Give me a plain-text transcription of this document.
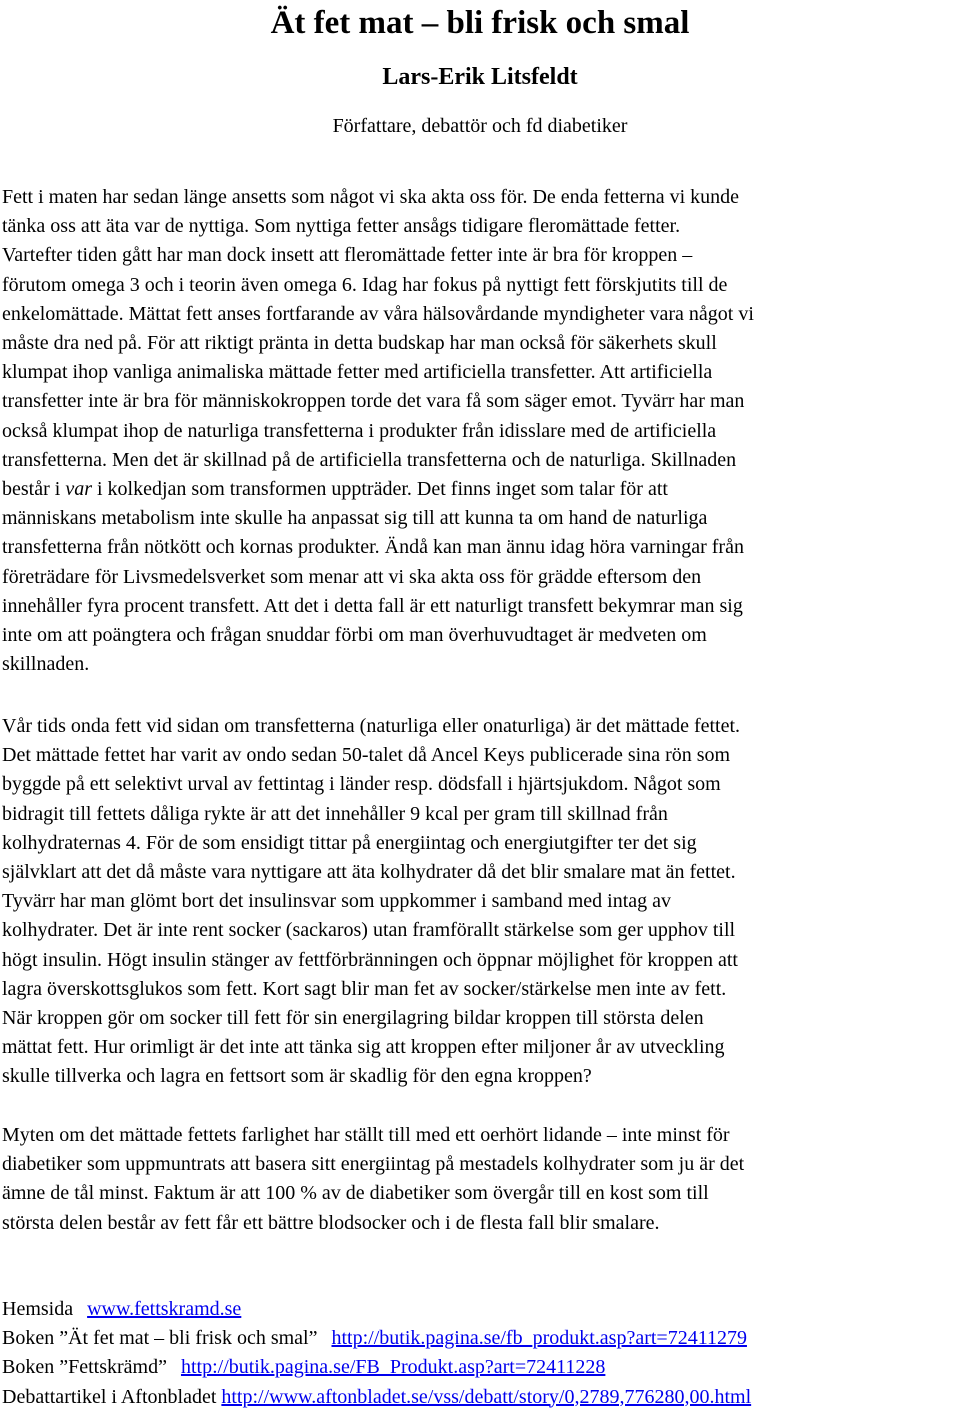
Ät fet mat – bli frisk och smal
Lars-Erik Litsfeldt
Författare, debattör och fd diabetiker
Fett i maten har sedan länge ansetts som något vi ska akta oss för. De enda fetterna vi kunde
tänka oss att äta var de nyttiga. Som nyttiga fetter ansågs tidigare fleromättade fetter.
Vartefter tiden gått har man dock insett att fleromättade fetter inte är bra för kroppen –
förutom omega 3 och i teorin även omega 6. Idag har fokus på nyttigt fett förskjutits till de
enkelomättade. Mättat fett anses fortfarande av våra hälsovårdande myndigheter vara något vi
måste dra ned på. För att riktigt pränta in detta budskap har man också för säkerhets skull
klumpat ihop vanliga animaliska mättade fetter med artificiella transfetter. Att artificiella
transfetter inte är bra för människokroppen torde det vara få som säger emot. Tyvärr har man
också klumpat ihop de naturliga transfetterna i produkter från idisslare med de artificiella
transfetterna. Men det är skillnad på de artificiella transfetterna och de naturliga. Skillnaden
består i var i kolkedjan som transformen uppträder. Det finns inget som talar för att
människans metabolism inte skulle ha anpassat sig till att kunna ta om hand de naturliga
transfetterna från nötkött och kornas produkter. Ändå kan man ännu idag höra varningar från
företrädare för Livsmedelsverket som menar att vi ska akta oss för grädde eftersom den
innehåller fyra procent transfett. Att det i detta fall är ett naturligt transfett bekymrar man sig
inte om att poängtera och frågan snuddar förbi om man överhuvudtaget är medveten om
skillnaden.
Vår tids onda fett vid sidan om transfetterna (naturliga eller onaturliga) är det mättade fettet.
Det mättade fettet har varit av ondo sedan 50-talet då Ancel Keys publicerade sina rön som
byggde på ett selektivt urval av fettintag i länder resp. dödsfall i hjärtsjukdom. Något som
bidragit till fettets dåliga rykte är att det innehåller 9 kcal per gram till skillnad från
kolhydraternas 4. För de som ensidigt tittar på energiintag och energiutgifter ter det sig
självklart att det då måste vara nyttigare att äta kolhydrater då det blir smalare mat än fettet.
Tyvärr har man glömt bort det insulinsvar som uppkommer i samband med intag av
kolhydrater. Det är inte rent socker (sackaros) utan framförallt stärkelse som ger upphov till
högt insulin. Högt insulin stänger av fettförbränningen och öppnar möjlighet för kroppen att
lagra överskottsglukos som fett. Kort sagt blir man fet av socker/stärkelse men inte av fett.
När kroppen gör om socker till fett för sin energilagring bildar kroppen till största delen
mättat fett. Hur orimligt är det inte att tänka sig att kroppen efter miljoner år av utveckling
skulle tillverka och lagra en fettsort som är skadlig för den egna kroppen?
Myten om det mättade fettets farlighet har ställt till med ett oerhört lidande – inte minst för
diabetiker som uppmuntrats att basera sitt energiintag på mestadels kolhydrater som ju är det
ämne de tål minst. Faktum är att 100 % av de diabetiker som övergår till en kost som till
största delen består av fett får ett bättre blodsocker och i de flesta fall blir smalare.
Hemsida www.fettskramd.se
Boken ”Ät fet mat – bli frisk och smal” http://butik.pagina.se/fb_produkt.asp?art=72411279
Boken ”Fettskrämd” http://butik.pagina.se/FB_Produkt.asp?art=72411228
Debattartikel i Aftonbladet http://www.aftonbladet.se/vss/debatt/story/0,2789,776280,00.html
